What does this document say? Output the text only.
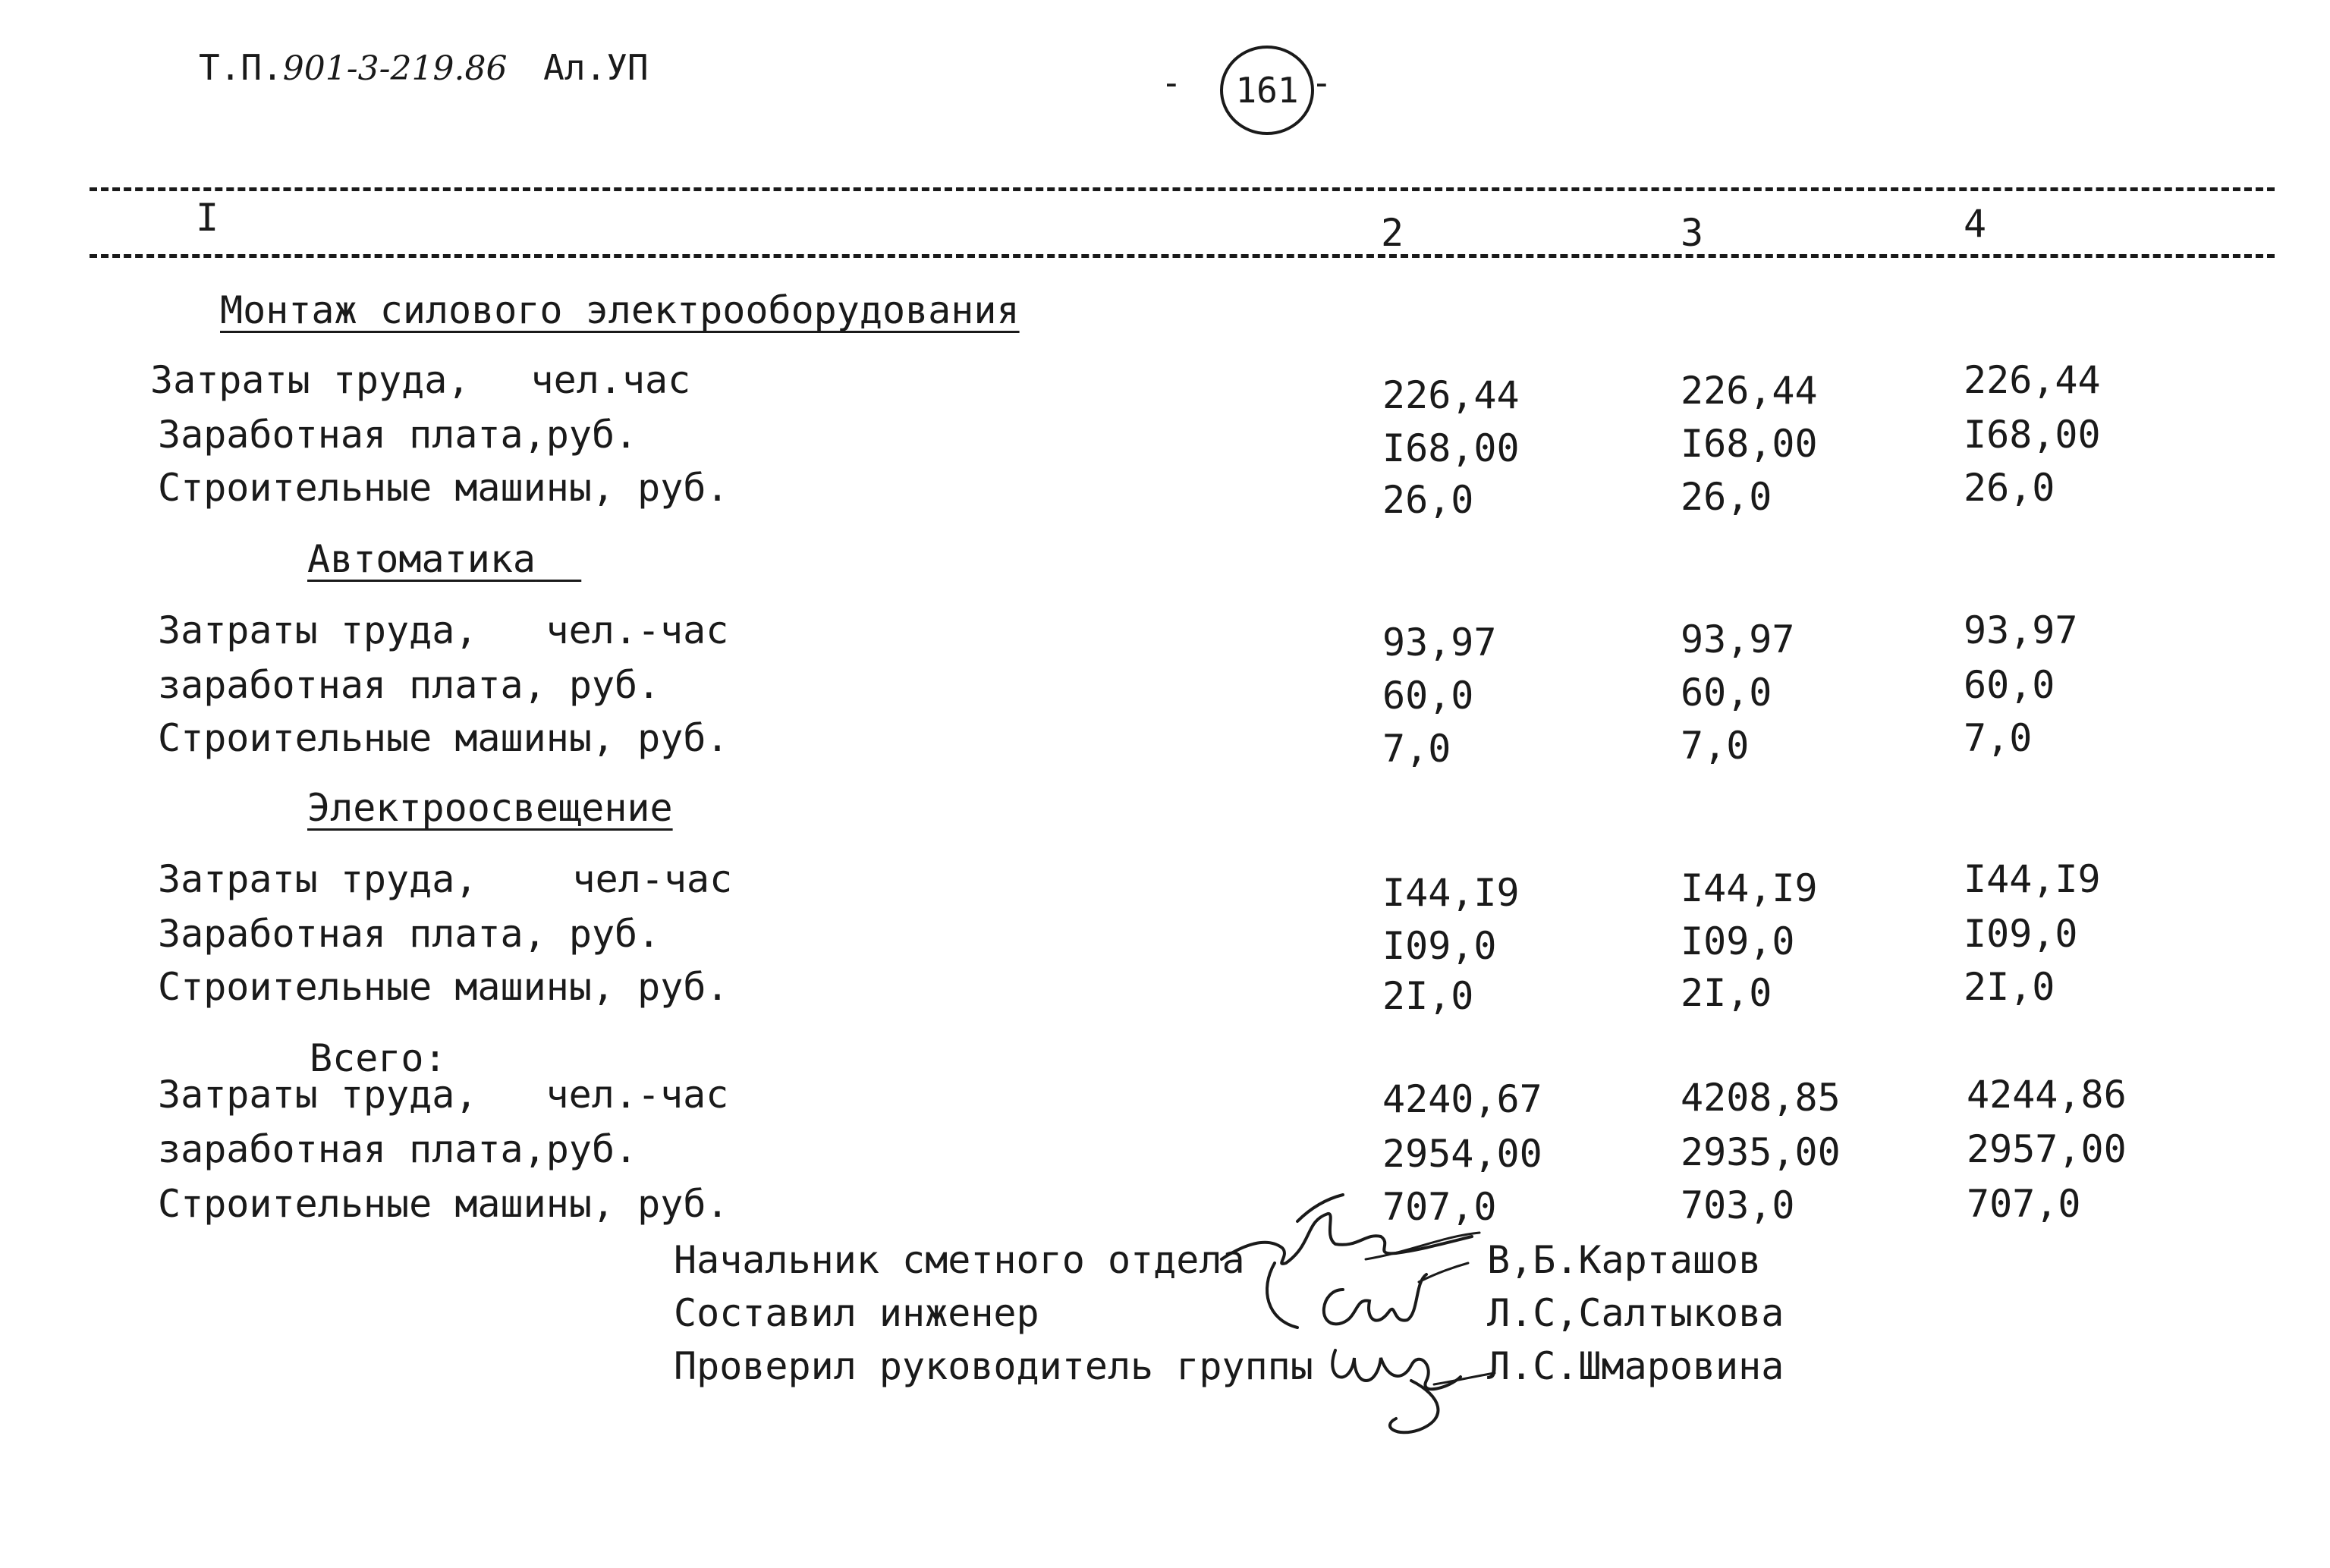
Т.П.901-3-219.86 Ал.УП	- 161 -
I	2	3	4
Монтаж силового электрооборудования
Затраты труда, чел.час	226,44	226,44	226,44
Заработная плата,руб.	I68,00	I68,00	I68,00
Строительные машины, руб.	26,0	26,0	26,0
Автоматика
Затраты труда, чел.-час	93,97	93,97	93,97
заработная плата, руб.	60,0	60,0	60,0
Строительные машины, руб.	7,0	7,0	7,0
Электроосвещение
Затраты труда,	чел-час	I44,I9	I44,I9	I44,I9
Заработная плата, руб.	I09,0	I09,0	I09,0
Строительные машины, руб.	2I,0	2I,0	2I,0
Всего:
Затраты труда, чел.-час	4240,67	4208,85	4244,86
заработная плата,руб.	2954,00	2935,00	2957,00
Строительные машины, руб.	707,0	703,0	707,0
Начальник сметного отдела	В,Б.Карташов
Составил инженер	Л.С,Салтыкова
Проверил руководитель группы	Л.С.Шмаровина
